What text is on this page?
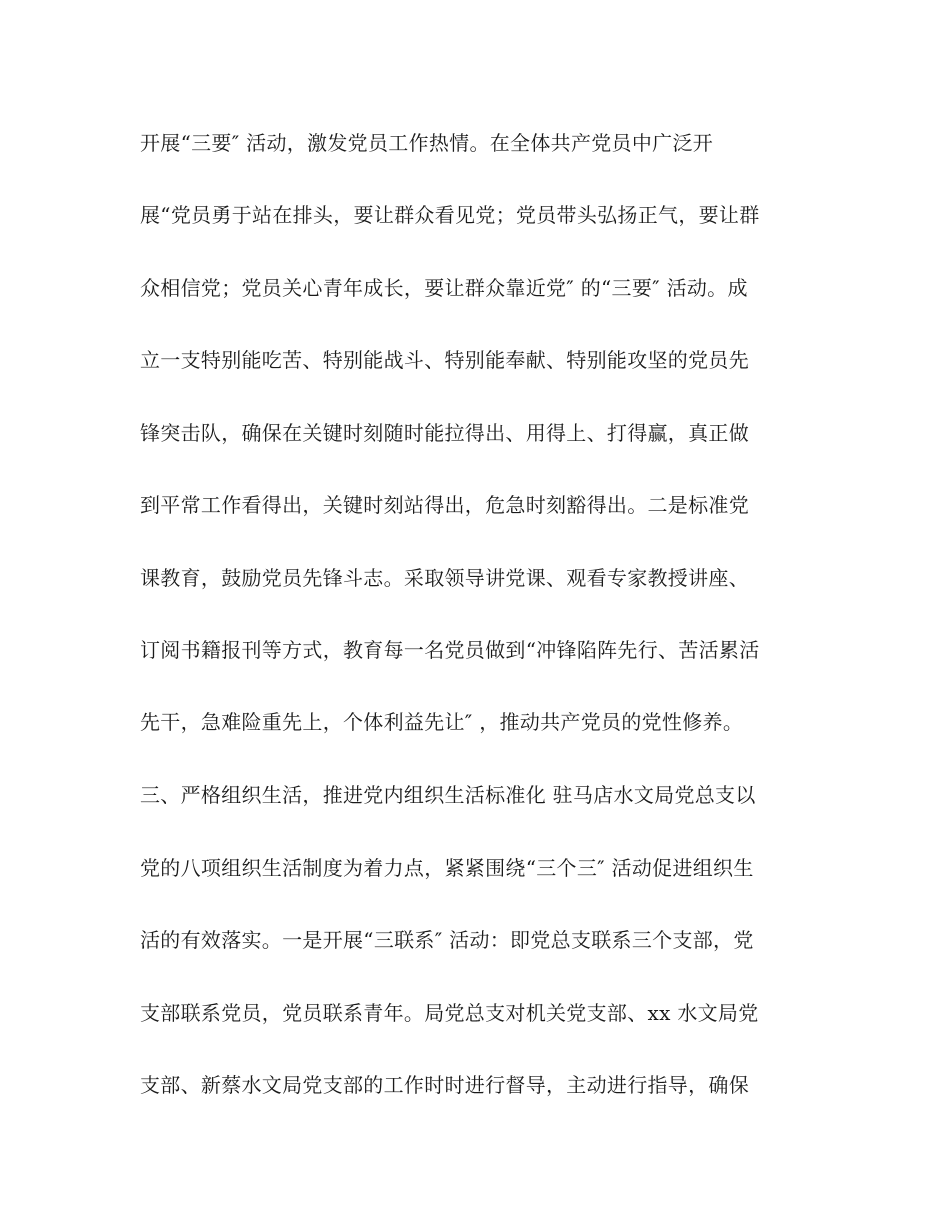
开展“三要″ 活动，激发党员工作热情。在全体共产党员中广泛开
展“党员勇于站在排头，要让群众看见党；党员带头弘扬正气，要让群
众相信党；党员关心青年成长，要让群众靠近党″ 的“三要″ 活动。成
立一支特别能吃苦、特别能战斗、特别能奉献、特别能攻坚的党员先
锋突击队，确保在关键时刻随时能拉得出、用得上、打得赢，真正做
到平常工作看得出，关键时刻站得出，危急时刻豁得出。二是标准党
课教育，鼓励党员先锋斗志。采取领导讲党课、观看专家教授讲座、
订阅书籍报刊等方式，教育每一名党员做到“冲锋陷阵先行、苦活累活
先干，急难险重先上，个体利益先让″ ，推动共产党员的党性修养。
三、严格组织生活，推进党内组织生活标准化 驻马店水文局党总支以
党的八项组织生活制度为着力点，紧紧围绕“三个三″ 活动促进组织生
活的有效落实。一是开展“三联系″ 活动：即党总支联系三个支部，党
支部联系党员，党员联系青年。局党总支对机关党支部、xx 水文局党
支部、新蔡水文局党支部的工作时时进行督导，主动进行指导，确保
